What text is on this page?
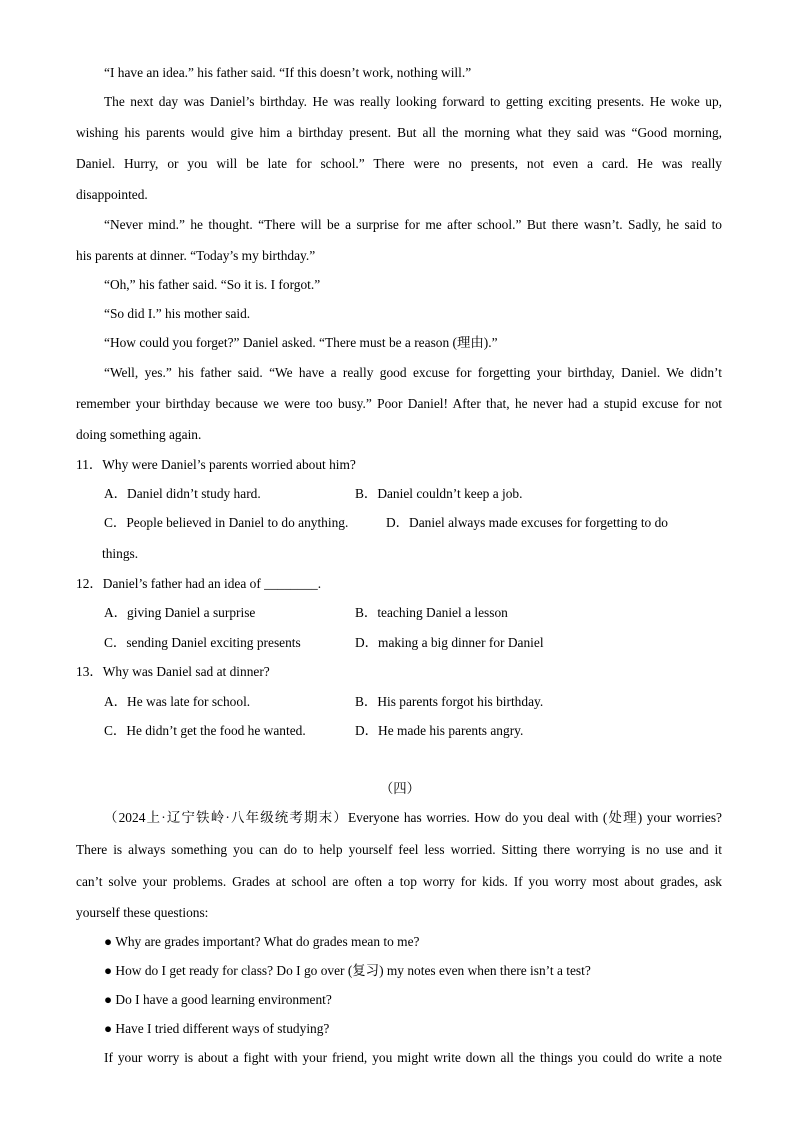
“I have an idea.” his father said. “If this doesn’t work, nothing will.”
The next day was Daniel’s birthday. He was really looking forward to getting exciting presents. He woke up,
wishing his parents would give him a birthday present. But all the morning what they said was “Good morning,
Daniel. Hurry, or you will be late for school.” There were no presents, not even a card. He was really
disappointed.
“Never mind.” he thought. “There will be a surprise for me after school.” But there wasn’t. Sadly, he said to
his parents at dinner. “Today’s my birthday.”
“Oh,” his father said. “So it is. I forgot.”
“So did I.” his mother said.
“How could you forget?” Daniel asked. “There must be a reason (理由).”
“Well, yes.” his father said. “We have a really good excuse for forgetting your birthday, Daniel. We didn’t
remember your birthday because we were too busy.” Poor Daniel! After that, he never had a stupid excuse for not
doing something again.
11．Why were Daniel’s parents worried about him?
A．Daniel didn’t study hard.	B．Daniel couldn’t keep a job.
C．People believed in Daniel to do anything.	D．Daniel always made excuses for forgetting to do
things.
12．Daniel’s father had an idea of ________.
A．giving Daniel a surprise	B．teaching Daniel a lesson
C．sending Daniel exciting presents	D．making a big dinner for Daniel
13．Why was Daniel sad at dinner?
A．He was late for school.	B．His parents forgot his birthday.
C．He didn’t get the food he wanted.	D．He made his parents angry.
（四）
（2024上·辽宁铁岭·八年级统考期末）Everyone has worries. How do you deal with (处理) your worries?
There is always something you can do to help yourself feel less worried. Sitting there worrying is no use and it
can’t solve your problems. Grades at school are often a top worry for kids. If you worry most about grades, ask
yourself these questions:
● Why are grades important? What do grades mean to me?
● How do I get ready for class? Do I go over (复习) my notes even when there isn’t a test?
● Do I have a good learning environment?
● Have I tried different ways of studying?
If your worry is about a fight with your friend, you might write down all the things you could do write a note
